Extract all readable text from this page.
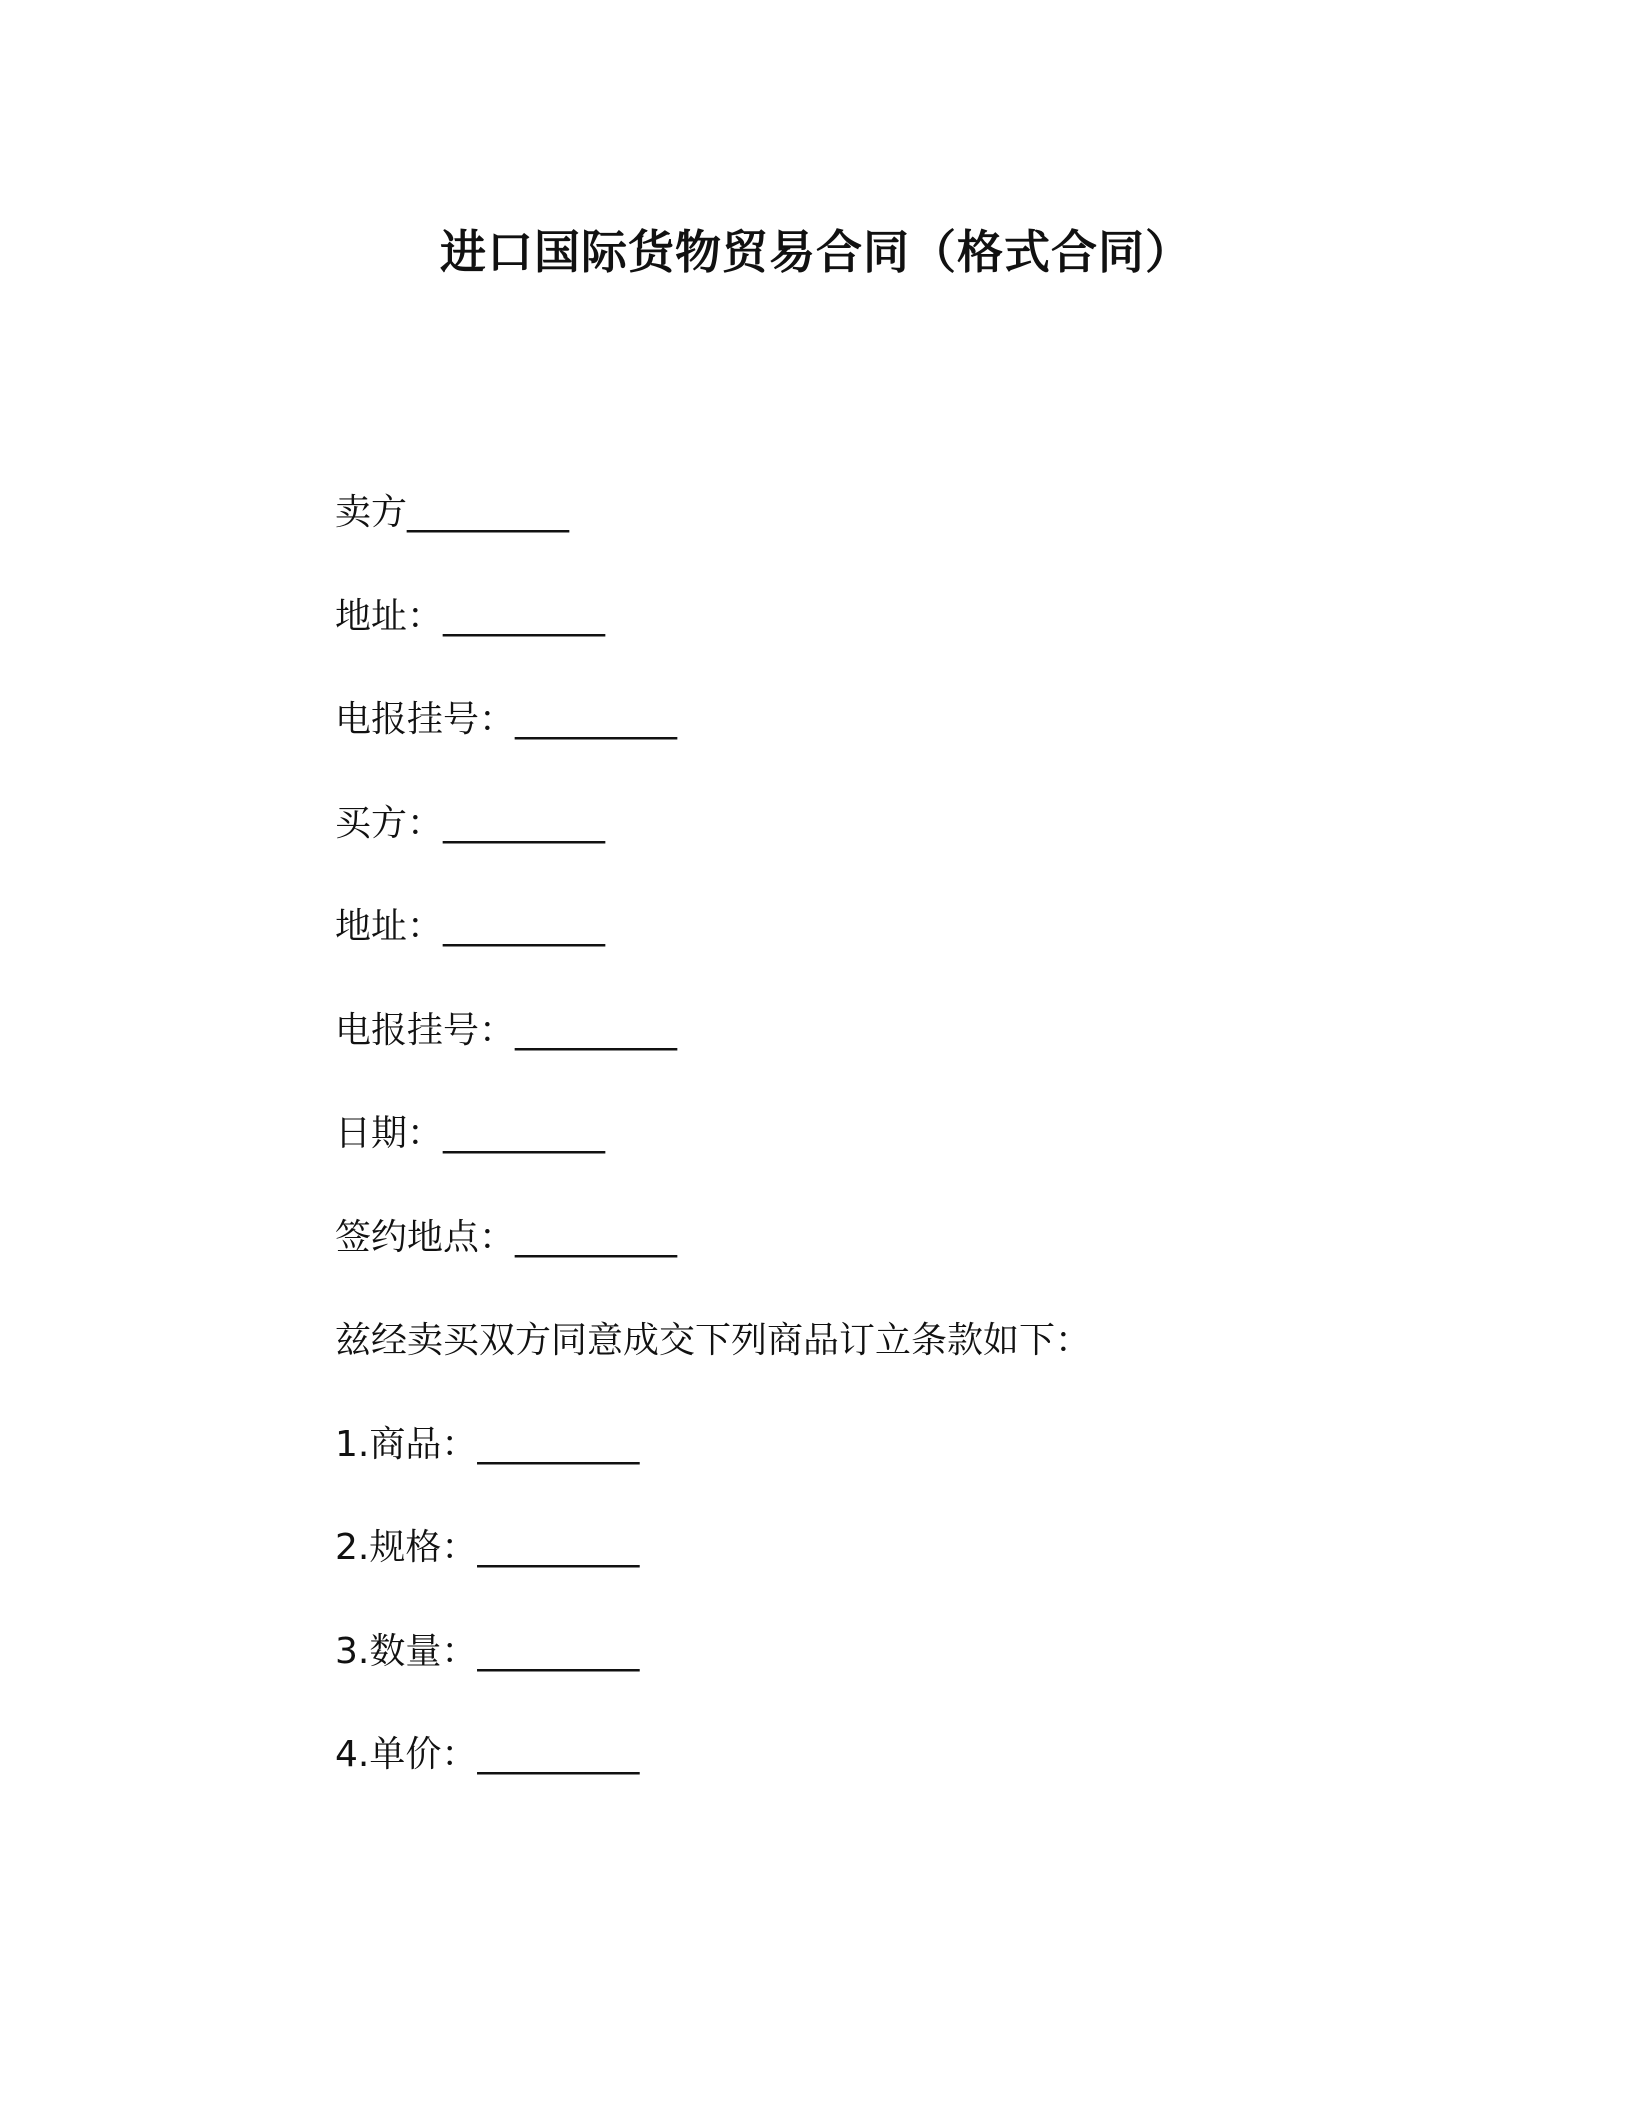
进口国际货物贸易合同（格式合同）
卖方_________
地址：_________
电报挂号：_________
买方：_________
地址：_________
电报挂号：_________
日期：_________
签约地点：_________
兹经卖买双方同意成交下列商品订立条款如下：
1.商品：_________
2.规格：_________
3.数量：_________
4.单价：_________
